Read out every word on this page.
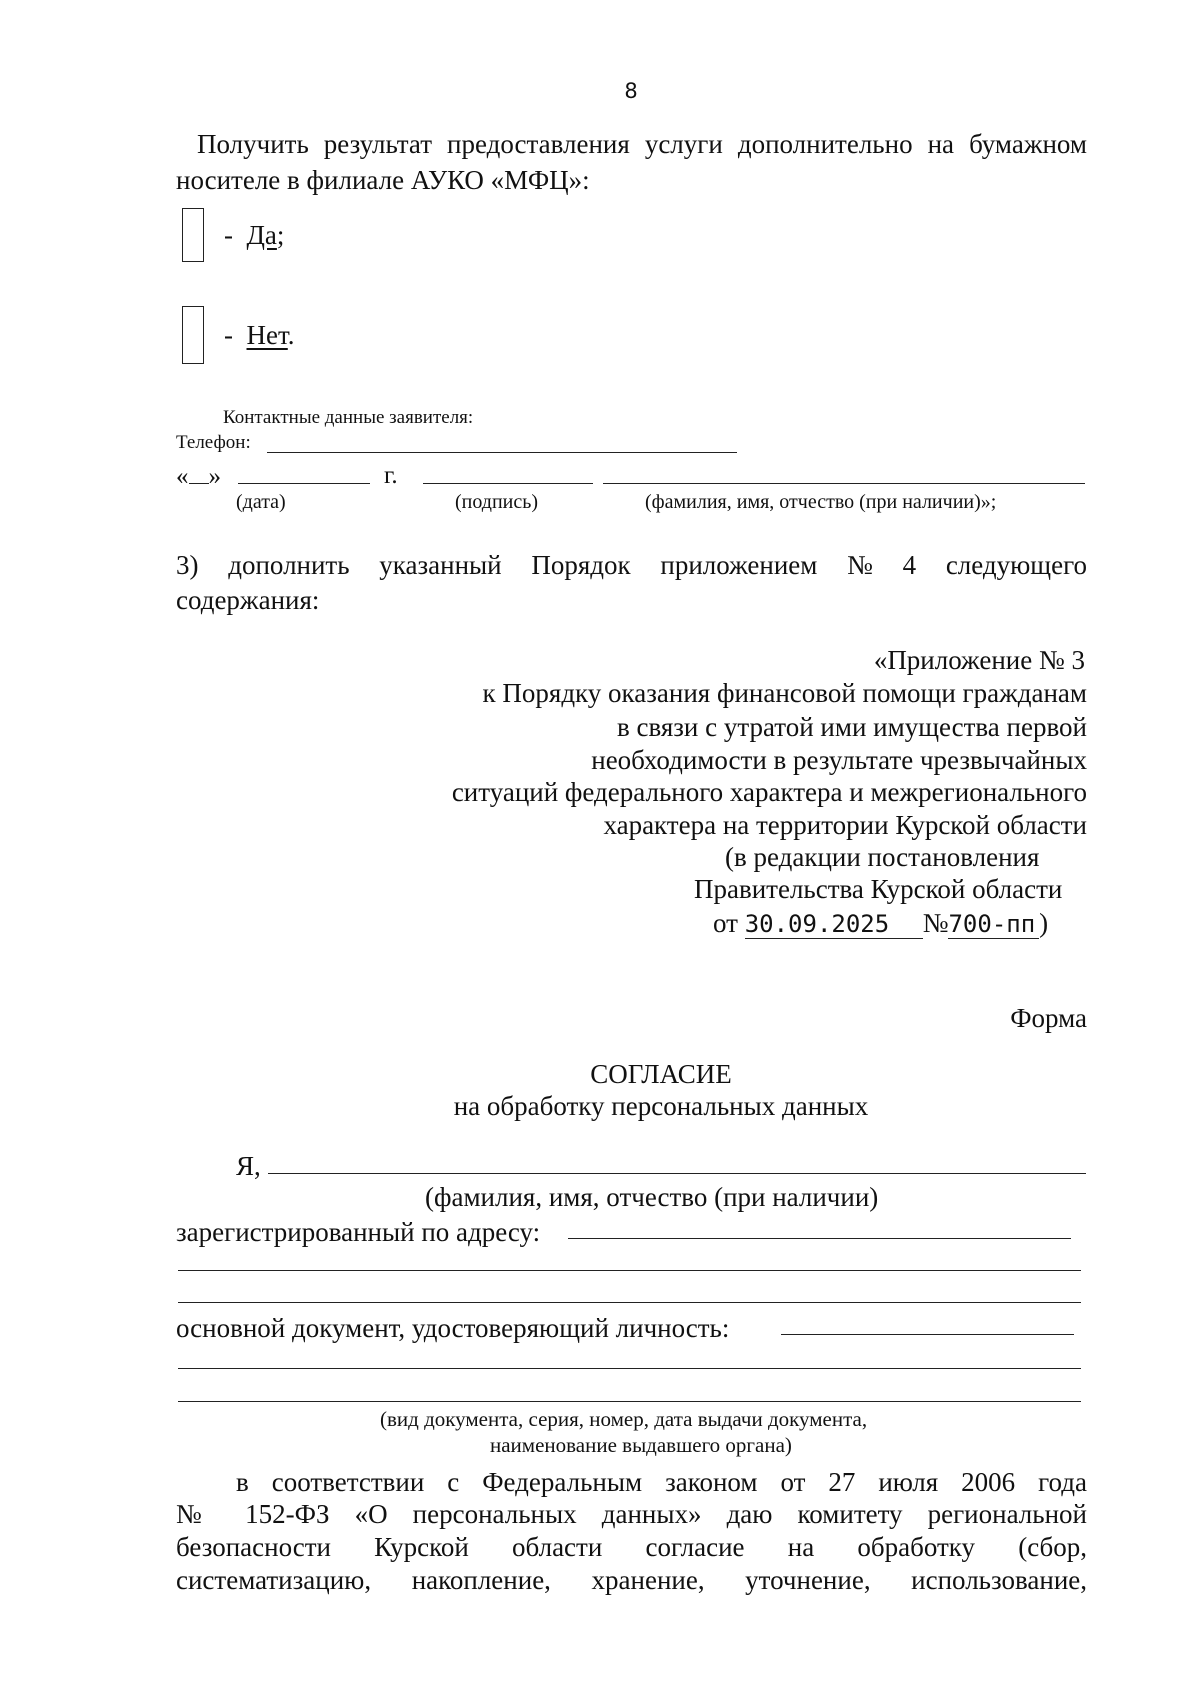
8
Получить результат предоставления услуги дополнительно на бумажном
носителе в филиале АУКО «МФЦ»:
- Да;
- Нет.
Контактные данные заявителя:
Телефон:
« »	г.
(дата)	(подпись)	(фамилия, имя, отчество (при наличии)»;
3) дополнить указанный Порядок приложением № 4 следующего
содержания:
«Приложение № 3
к Порядку оказания финансовой помощи гражданам
в связи с утратой ими имущества первой
необходимости в результате чрезвычайных
ситуаций федерального характера и межрегионального
характера на территории Курской области
(в редакции постановления
Правительства Курской области
от 30.09.2025 №700-пп )
Форма
СОГЛАСИЕ
на обработку персональных данных
Я,
(фамилия, имя, отчество (при наличии)
зарегистрированный по адресу:
основной документ, удостоверяющий личность:
(вид документа, серия, номер, дата выдачи документа,
наименование выдавшего органа)
в соответствии с Федеральным законом от 27 июля 2006 года
№ 152-ФЗ «О персональных данных» даю комитету региональной
безопасности Курской области согласие на обработку (сбор,
систематизацию, накопление, хранение, уточнение, использование,
